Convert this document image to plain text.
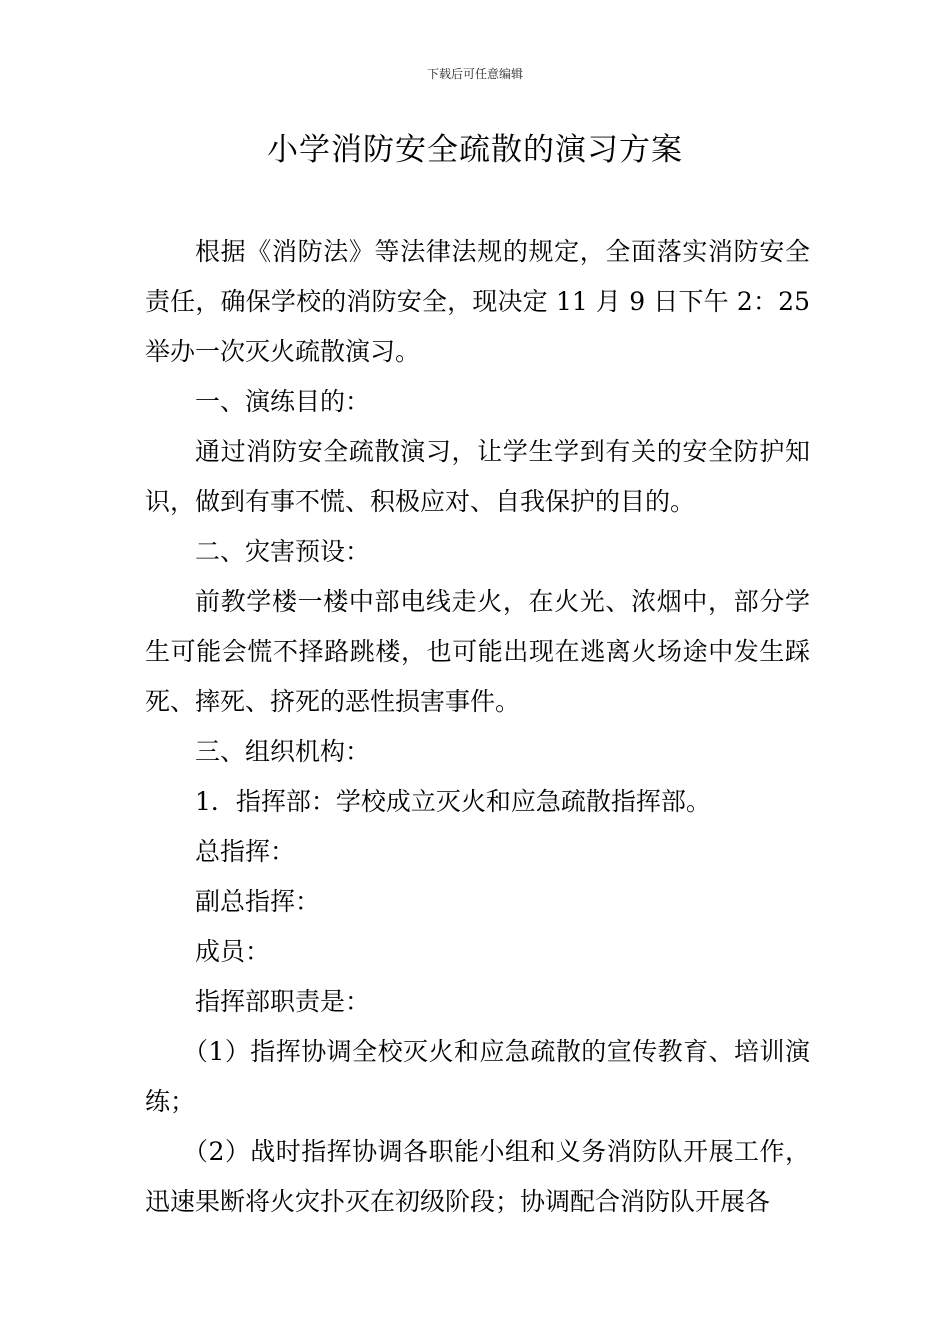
下载后可任意编辑
小学消防安全疏散的演习方案

根据《消防法》等法律法规的规定，全面落实消防安全责任，确保学校的消防安全，现决定 11 月 9 日下午 2：25 举办一次灭火疏散演习。

一、演练目的：

通过消防安全疏散演习，让学生学到有关的安全防护知识，做到有事不慌、积极应对、自我保护的目的。

二、灾害预设：

前教学楼一楼中部电线走火，在火光、浓烟中，部分学生可能会慌不择路跳楼，也可能出现在逃离火场途中发生踩死、摔死、挤死的恶性损害事件。

三、组织机构：

1．指挥部：学校成立灭火和应急疏散指挥部。

总指挥：

副总指挥：

成员：

指挥部职责是：

（1）指挥协调全校灭火和应急疏散的宣传教育、培训演练；

（2）战时指挥协调各职能小组和义务消防队开展工作，迅速果断将火灾扑灭在初级阶段；协调配合消防队开展各
